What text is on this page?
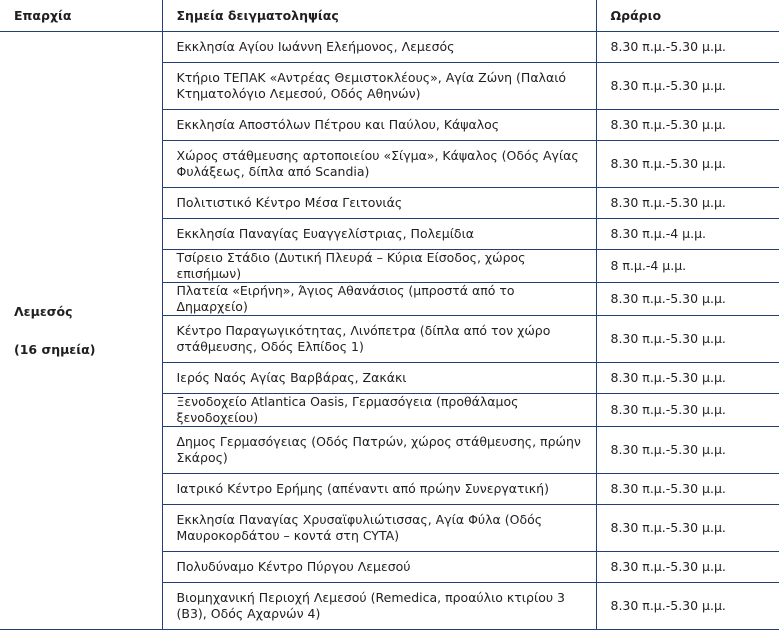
Επαρχία	Σημεία δειγματοληψίας	Ωράριο

Λεμεσός
(16 σημεία)	Εκκλησία Αγίου Ιωάννη Ελεήμονος, Λεμεσός	8.30 π.μ.-5.30 μ.μ.
	Κτήριο ΤΕΠΑΚ «Αντρέας Θεμιστοκλέους», Αγία Ζώνη (Παλαιό Κτηματολόγιο Λεμεσού, Οδός Αθηνών)	8.30 π.μ.-5.30 μ.μ.
	Εκκλησία Αποστόλων Πέτρου και Παύλου, Κάψαλος	8.30 π.μ.-5.30 μ.μ.
	Χώρος στάθμευσης αρτοποιείου «Σίγμα», Κάψαλος (Οδός Αγίας Φυλάξεως, δίπλα από Scandia)	8.30 π.μ.-5.30 μ.μ.
	Πολιτιστικό Κέντρο Μέσα Γειτονιάς	8.30 π.μ.-5.30 μ.μ.
	Εκκλησία Παναγίας Ευαγγελίστριας, Πολεμίδια	8.30 π.μ.-4 μ.μ.
	Τσίρειο Στάδιο (Δυτική Πλευρά – Κύρια Είσοδος, χώρος επισήμων)	8 π.μ.-4 μ.μ.
	Πλατεία «Ειρήνη», Άγιος Αθανάσιος (μπροστά από το Δημαρχείο)	8.30 π.μ.-5.30 μ.μ.
	Κέντρο Παραγωγικότητας, Λινόπετρα (δίπλα από τον χώρο στάθμευσης, Οδός Ελπίδος 1)	8.30 π.μ.-5.30 μ.μ.
	Ιερός Ναός Αγίας Βαρβάρας, Ζακάκι	8.30 π.μ.-5.30 μ.μ.
	Ξενοδοχείο Atlantica Oasis, Γερμασόγεια (προθάλαμος ξενοδοχείου)	8.30 π.μ.-5.30 μ.μ.
	Δημος Γερμασόγειας (Οδός Πατρών, χώρος στάθμευσης, πρώην Σκάρος)	8.30 π.μ.-5.30 μ.μ.
	Ιατρικό Κέντρο Ερήμης (απέναντι από πρώην Συνεργατική)	8.30 π.μ.-5.30 μ.μ.
	Εκκλησία Παναγίας Χρυσαϊφυλιώτισσας, Αγία Φύλα (Οδός Μαυροκορδάτου – κοντά στη CYTA)	8.30 π.μ.-5.30 μ.μ.
	Πολυδύναμο Κέντρο Πύργου Λεμεσού	8.30 π.μ.-5.30 μ.μ.
	Βιομηχανική Περιοχή Λεμεσού (Remedica, προαύλιο κτιρίου 3 (Β3), Οδός Αχαρνών 4)	8.30 π.μ.-5.30 μ.μ.
